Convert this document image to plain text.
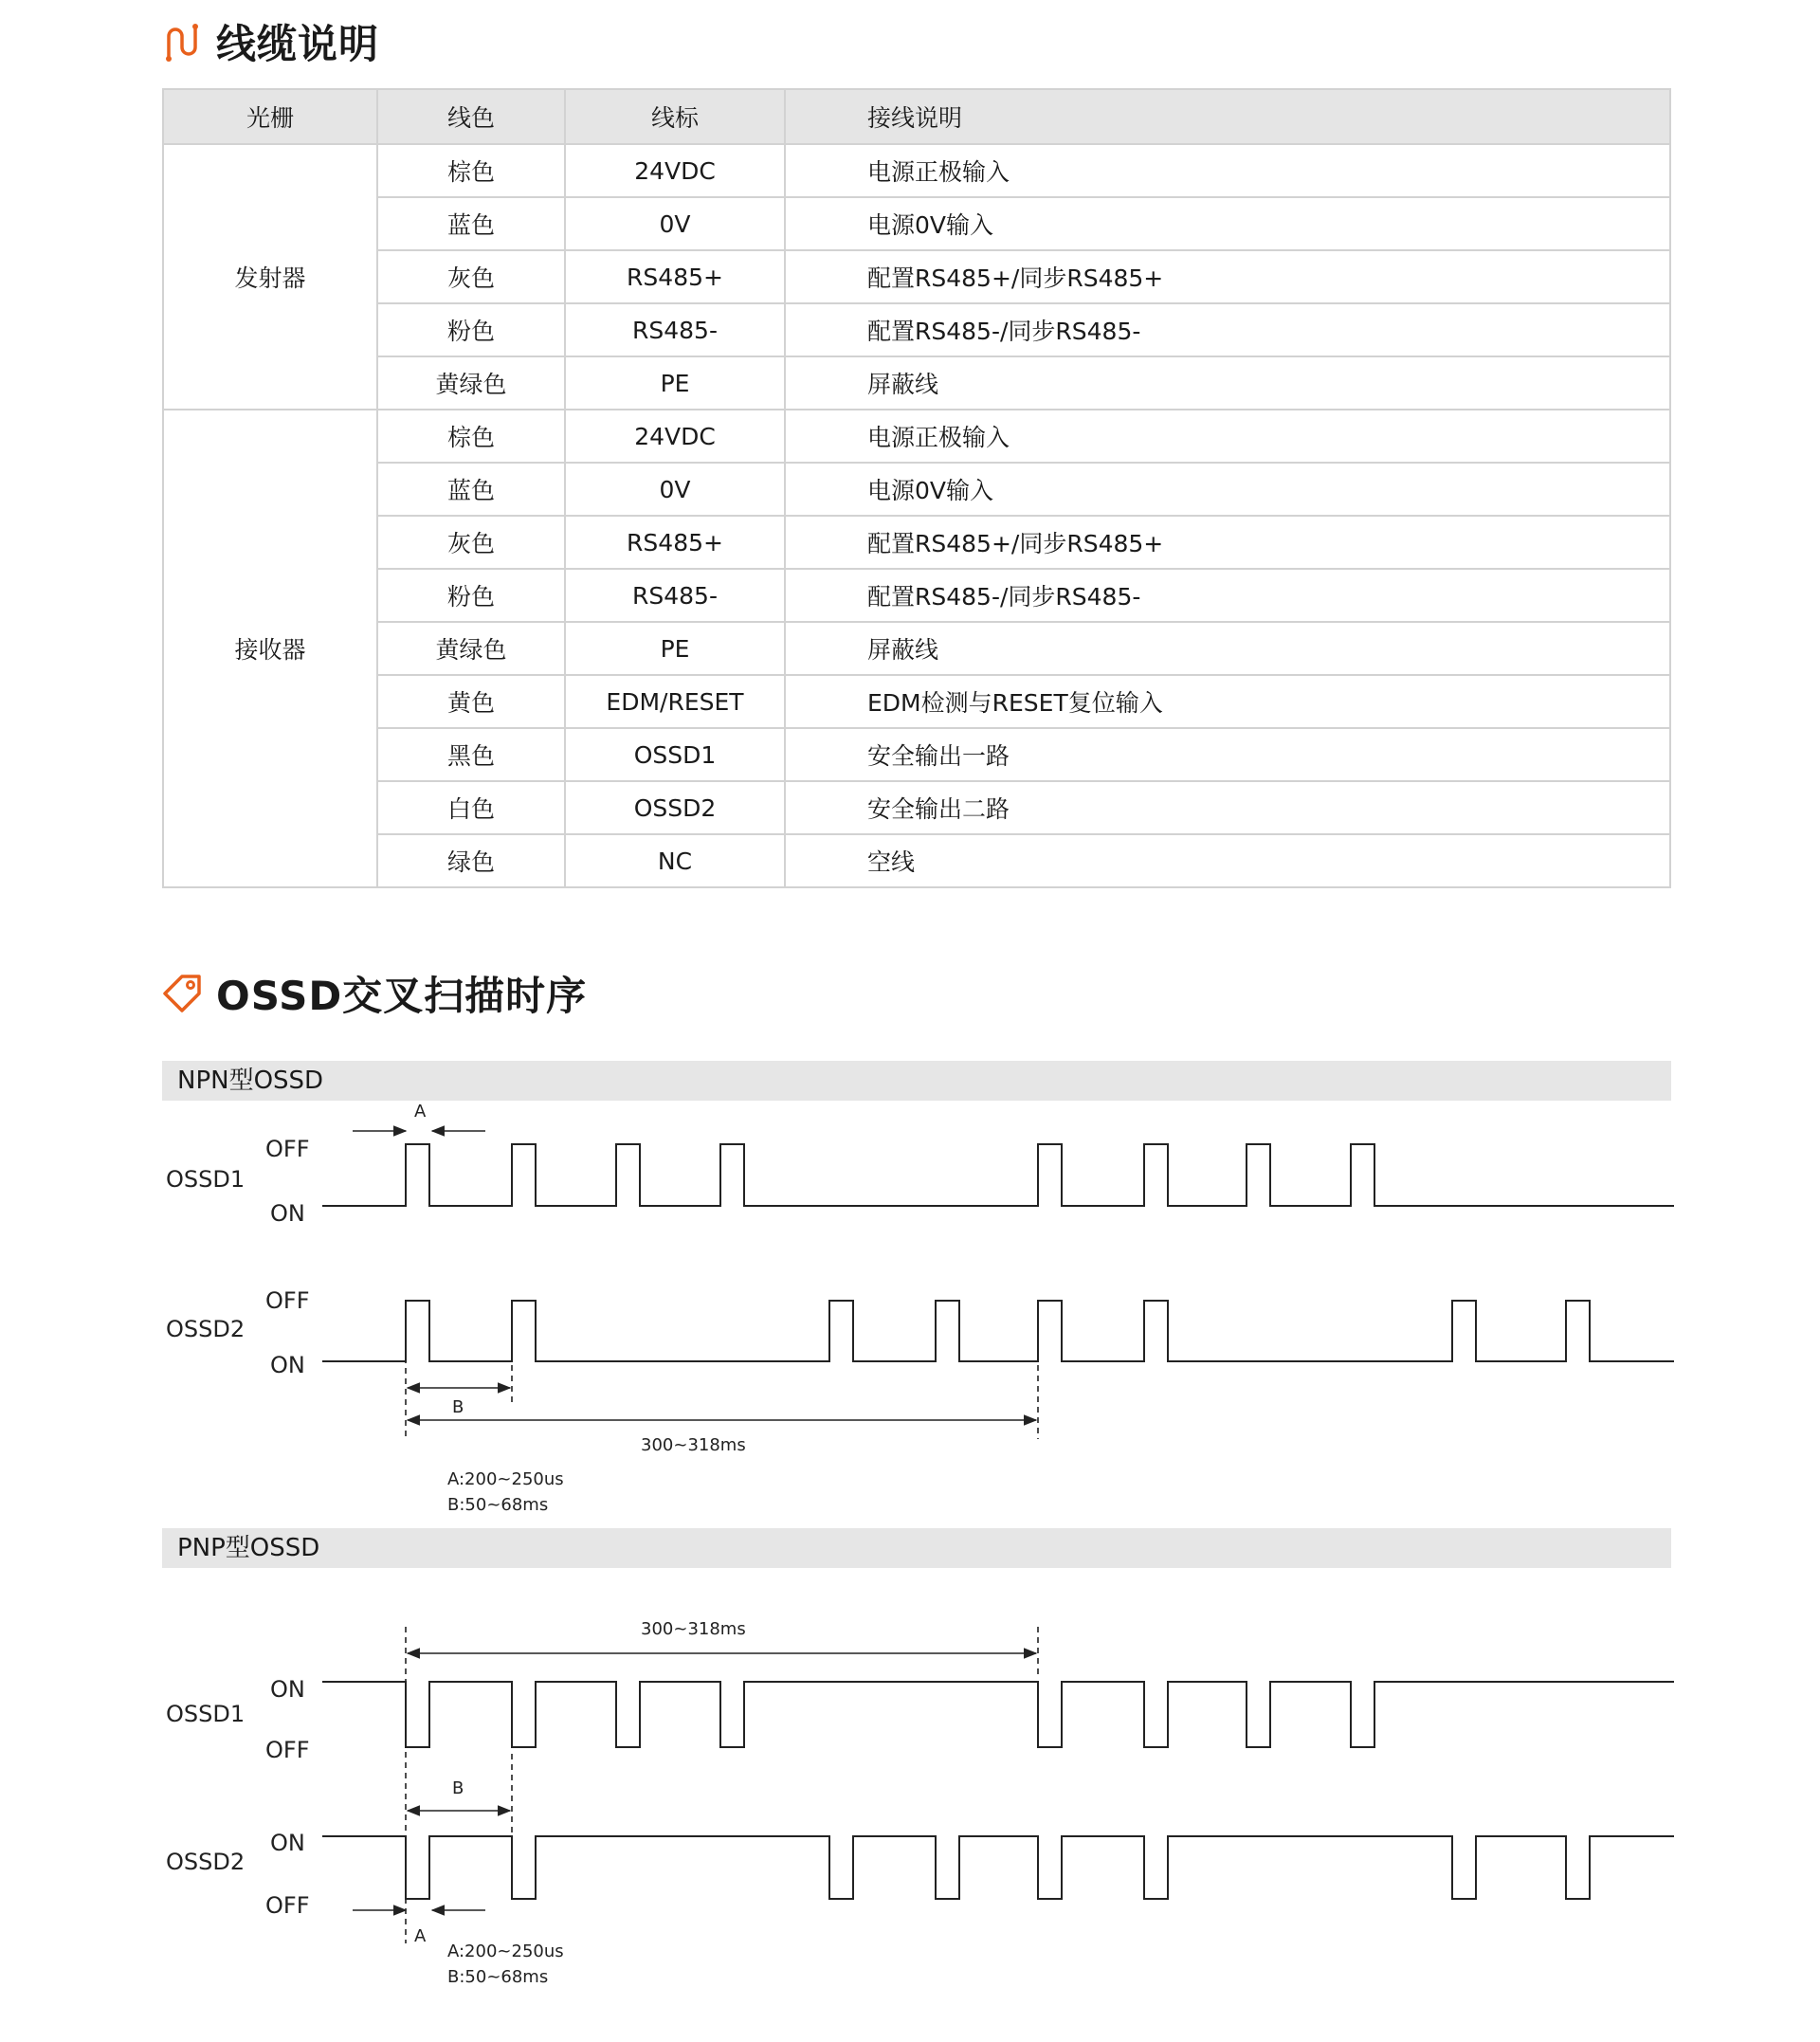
线缆说明
光栅	线色	线标	接线说明
发射器	棕色	24VDC	电源正极输入
	蓝色	0V	电源0V输入
	灰色	RS485+	配置RS485+/同步RS485+
	粉色	RS485-	配置RS485-/同步RS485-
	黄绿色	PE	屏蔽线
接收器	棕色	24VDC	电源正极输入
	蓝色	0V	电源0V输入
	灰色	RS485+	配置RS485+/同步RS485+
	粉色	RS485-	配置RS485-/同步RS485-
	黄绿色	PE	屏蔽线
	黄色	EDM/RESET	EDM检测与RESET复位输入
	黑色	OSSD1	安全输出一路
	白色	OSSD2	安全输出二路
	绿色	NC	空线
OSSD交叉扫描时序
NPN型OSSD
PNP型OSSD
OSSD1
OFF
ON
OSSD2
OFF
ON
A
B
300~318ms
A:200~250us
B:50~68ms
OSSD1
ON
OFF
OSSD2
ON
OFF
300~318ms
B
A
A:200~250us
B:50~68ms
